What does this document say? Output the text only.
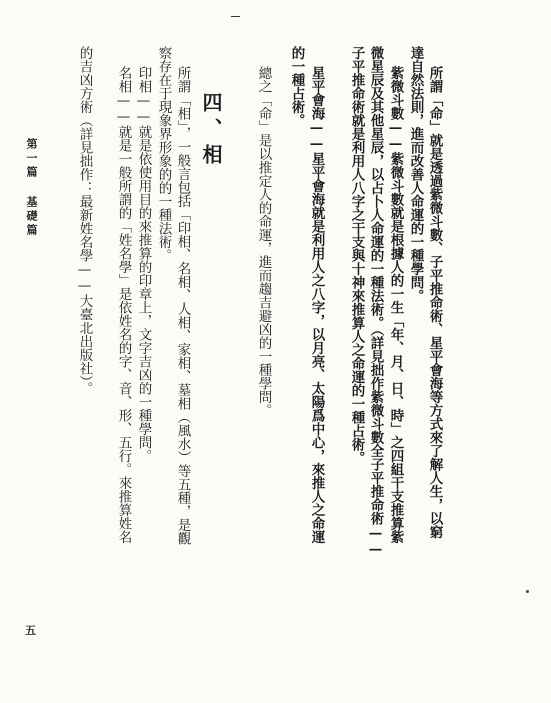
所謂「命」就是透過紫微斗數、子平推命術、星平會海等方式來了解人生，以窮
達自然法則，進而改善人命運的一種學問。
紫微斗數——紫微斗數就是根據人的一生「年、月、日、時」之四組干支推算紫
微星辰及其他星辰，以占卜人命運的一種法術。（詳見拙作紫微斗數全子平推命術——
子平推命術就是利用人八字之干支與十神來推算人之命運的一種占術。
星平會海——星平會海就是利用人之八字，以月亮、太陽爲中心，來推人之命運
的一種占術。
總之「命」是以推定人的命運，進而趨吉避凶的一種學問。
四、相
所謂「相」，一般言包括「印相、名相、人相、家相、墓相（風水）等五種，是觀
察存在于現象界形象的的一種法術。
印相——就是依使用目的來推算的印章上，文字吉凶的一種學問。
名相——就是一般所謂的「姓名學」是依姓名的字、音、形、五行。來推算姓名
的吉凶方術（詳見拙作：最新姓名學——大臺北出版社）。
第一篇 基礎篇
五
